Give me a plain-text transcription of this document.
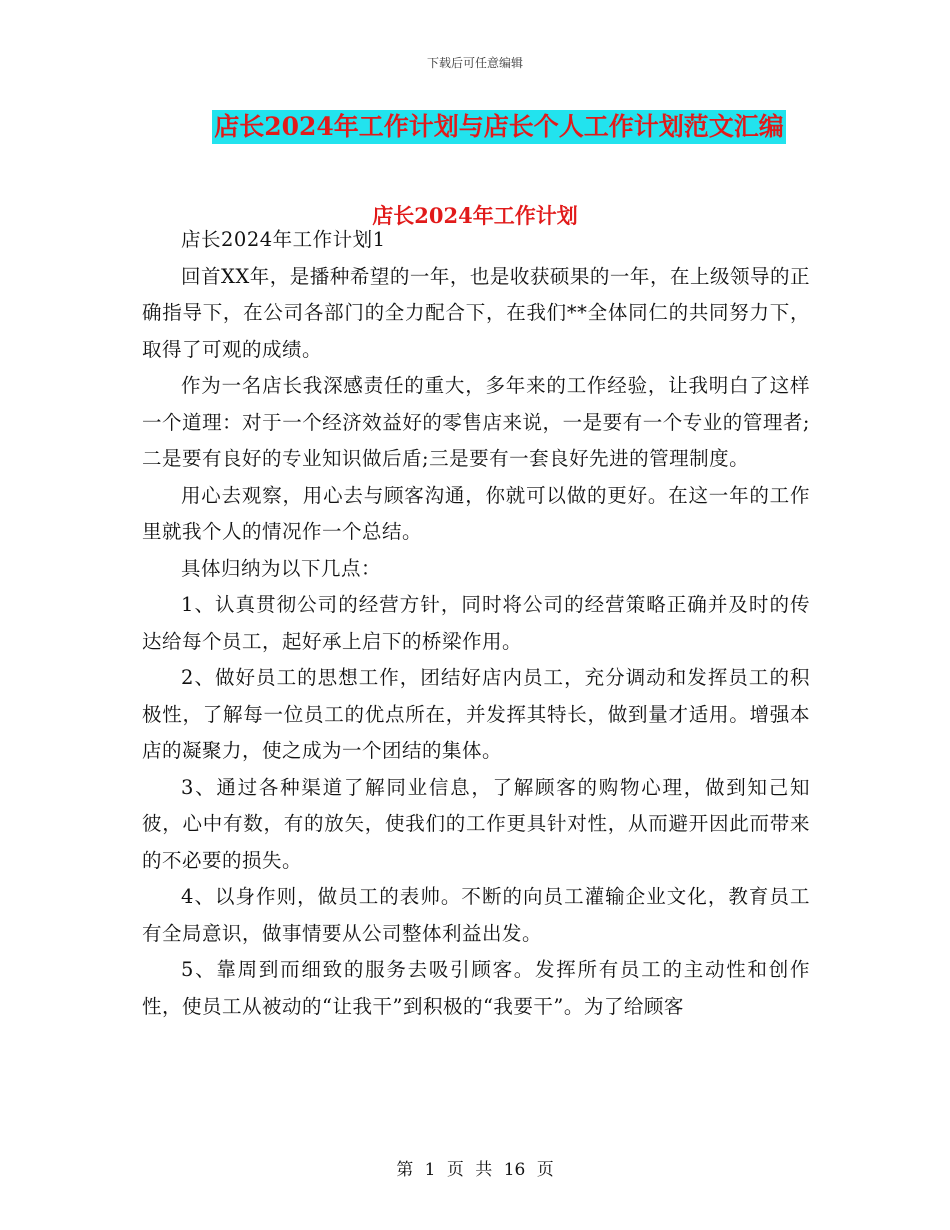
下载后可任意编辑
店长2024年工作计划与店长个人工作计划范文汇编
店长2024年工作计划

店长2024年工作计划1

回首XX年，是播种希望的一年，也是收获硕果的一年，在上级领导的正确指导下，在公司各部门的全力配合下，在我们**全体同仁的共同努力下，取得了可观的成绩。

作为一名店长我深感责任的重大，多年来的工作经验，让我明白了这样一个道理：对于一个经济效益好的零售店来说，一是要有一个专业的管理者;二是要有良好的专业知识做后盾;三是要有一套良好先进的管理制度。

用心去观察，用心去与顾客沟通，你就可以做的更好。在这一年的工作里就我个人的情况作一个总结。

具体归纳为以下几点：

1、认真贯彻公司的经营方针，同时将公司的经营策略正确并及时的传达给每个员工，起好承上启下的桥梁作用。

2、做好员工的思想工作，团结好店内员工，充分调动和发挥员工的积极性，了解每一位员工的优点所在，并发挥其特长，做到量才适用。增强本店的凝聚力，使之成为一个团结的集体。

3、通过各种渠道了解同业信息，了解顾客的购物心理，做到知己知彼，心中有数，有的放矢，使我们的工作更具针对性，从而避开因此而带来的不必要的损失。

4、以身作则，做员工的表帅。不断的向员工灌输企业文化，教育员工有全局意识，做事情要从公司整体利益出发。

5、靠周到而细致的服务去吸引顾客。发挥所有员工的主动性和创作性，使员工从被动的“让我干”到积极的“我要干”。为了给顾客

第 1 页 共 16 页
